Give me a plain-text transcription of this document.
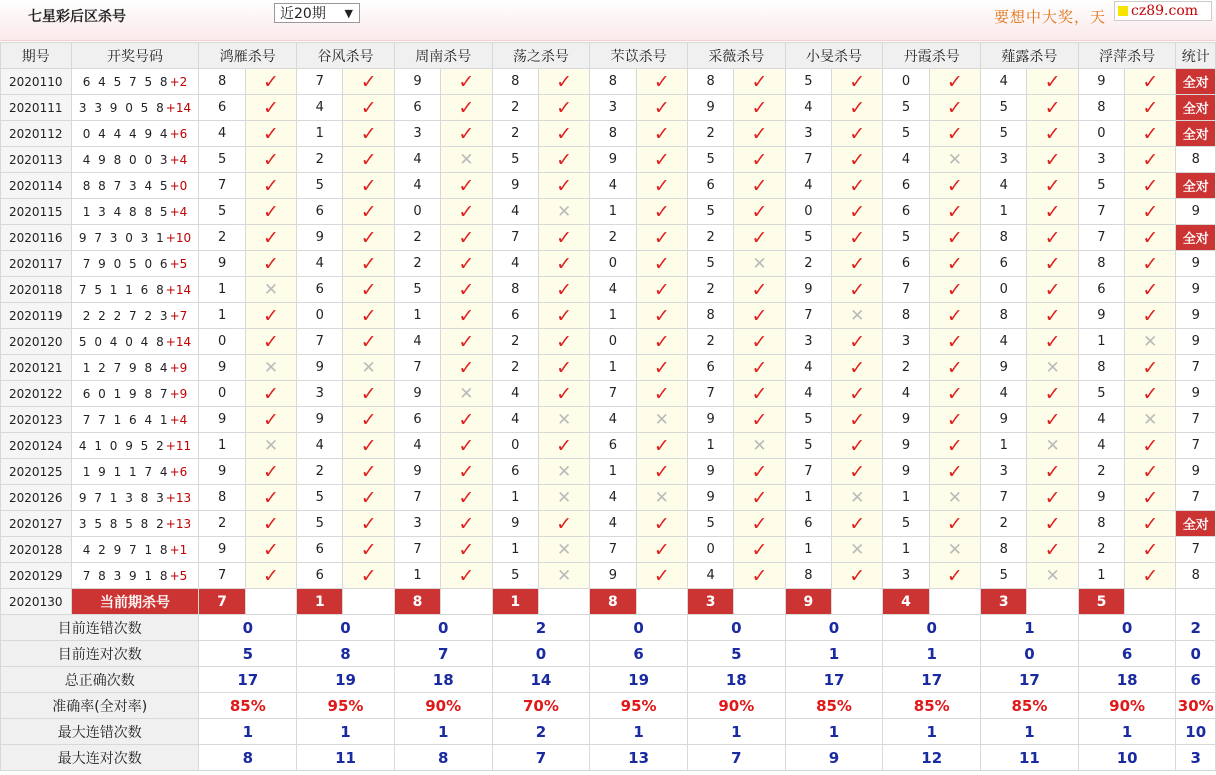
七星彩后区杀号	近20期 ▼	要想中大奖，天	cz89.com
期号	开奖号码	鸿雁杀号		谷风杀号		周南杀号		荡之杀号		芣苡杀号		采薇杀号		小旻杀号		丹霞杀号		薤露杀号		浮萍杀号		统计
2020110	6 4 5 7 5 8+2	8	✓	7	✓	9	✓	8	✓	8	✓	8	✓	5	✓	0	✓	4	✓	9	✓	全对
2020111	3 3 9 0 5 8+14	6	✓	4	✓	6	✓	2	✓	3	✓	9	✓	4	✓	5	✓	5	✓	8	✓	全对
2020112	0 4 4 4 9 4+6	4	✓	1	✓	3	✓	2	✓	8	✓	2	✓	3	✓	5	✓	5	✓	0	✓	全对
2020113	4 9 8 0 0 3+4	5	✓	2	✓	4	✕	5	✓	9	✓	5	✓	7	✓	4	✕	3	✓	3	✓	8
2020114	8 8 7 3 4 5+0	7	✓	5	✓	4	✓	9	✓	4	✓	6	✓	4	✓	6	✓	4	✓	5	✓	全对
2020115	1 3 4 8 8 5+4	5	✓	6	✓	0	✓	4	✕	1	✓	5	✓	0	✓	6	✓	1	✓	7	✓	9
2020116	9 7 3 0 3 1+10	2	✓	9	✓	2	✓	7	✓	2	✓	2	✓	5	✓	5	✓	8	✓	7	✓	全对
2020117	7 9 0 5 0 6+5	9	✓	4	✓	2	✓	4	✓	0	✓	5	✕	2	✓	6	✓	6	✓	8	✓	9
2020118	7 5 1 1 6 8+14	1	✕	6	✓	5	✓	8	✓	4	✓	2	✓	9	✓	7	✓	0	✓	6	✓	9
2020119	2 2 2 7 2 3+7	1	✓	0	✓	1	✓	6	✓	1	✓	8	✓	7	✕	8	✓	8	✓	9	✓	9
2020120	5 0 4 0 4 8+14	0	✓	7	✓	4	✓	2	✓	0	✓	2	✓	3	✓	3	✓	4	✓	1	✕	9
2020121	1 2 7 9 8 4+9	9	✕	9	✕	7	✓	2	✓	1	✓	6	✓	4	✓	2	✓	9	✕	8	✓	7
2020122	6 0 1 9 8 7+9	0	✓	3	✓	9	✕	4	✓	7	✓	7	✓	4	✓	4	✓	4	✓	5	✓	9
2020123	7 7 1 6 4 1+4	9	✓	9	✓	6	✓	4	✕	4	✕	9	✓	5	✓	9	✓	9	✓	4	✕	7
2020124	4 1 0 9 5 2+11	1	✕	4	✓	4	✓	0	✓	6	✓	1	✕	5	✓	9	✓	1	✕	4	✓	7
2020125	1 9 1 1 7 4+6	9	✓	2	✓	9	✓	6	✕	1	✓	9	✓	7	✓	9	✓	3	✓	2	✓	9
2020126	9 7 1 3 8 3+13	8	✓	5	✓	7	✓	1	✕	4	✕	9	✓	1	✕	1	✕	7	✓	9	✓	7
2020127	3 5 8 5 8 2+13	2	✓	5	✓	3	✓	9	✓	4	✓	5	✓	6	✓	5	✓	2	✓	8	✓	全对
2020128	4 2 9 7 1 8+1	9	✓	6	✓	7	✓	1	✕	7	✓	0	✓	1	✕	1	✕	8	✓	2	✓	7
2020129	7 8 3 9 1 8+5	7	✓	6	✓	1	✓	5	✕	9	✓	4	✓	8	✓	3	✓	5	✕	1	✓	8
2020130	当前期杀号	7		1		8		1		8		3		9		4		3		5		
目前连错次数		0		0		0		2		0		0		0		0		1		0		2
目前连对次数		5		8		7		0		6		5		1		1		0		6		0
总正确次数		17		19		18		14		19		18		17		17		17		18		6
准确率(全对率)		85%		95%		90%		70%		95%		90%		85%		85%		85%		90%		30%
最大连错次数		1		1		1		2		1		1		1		1		1		1		10
最大连对次数		8		11		8		7		13		7		9		12		11		10		3
